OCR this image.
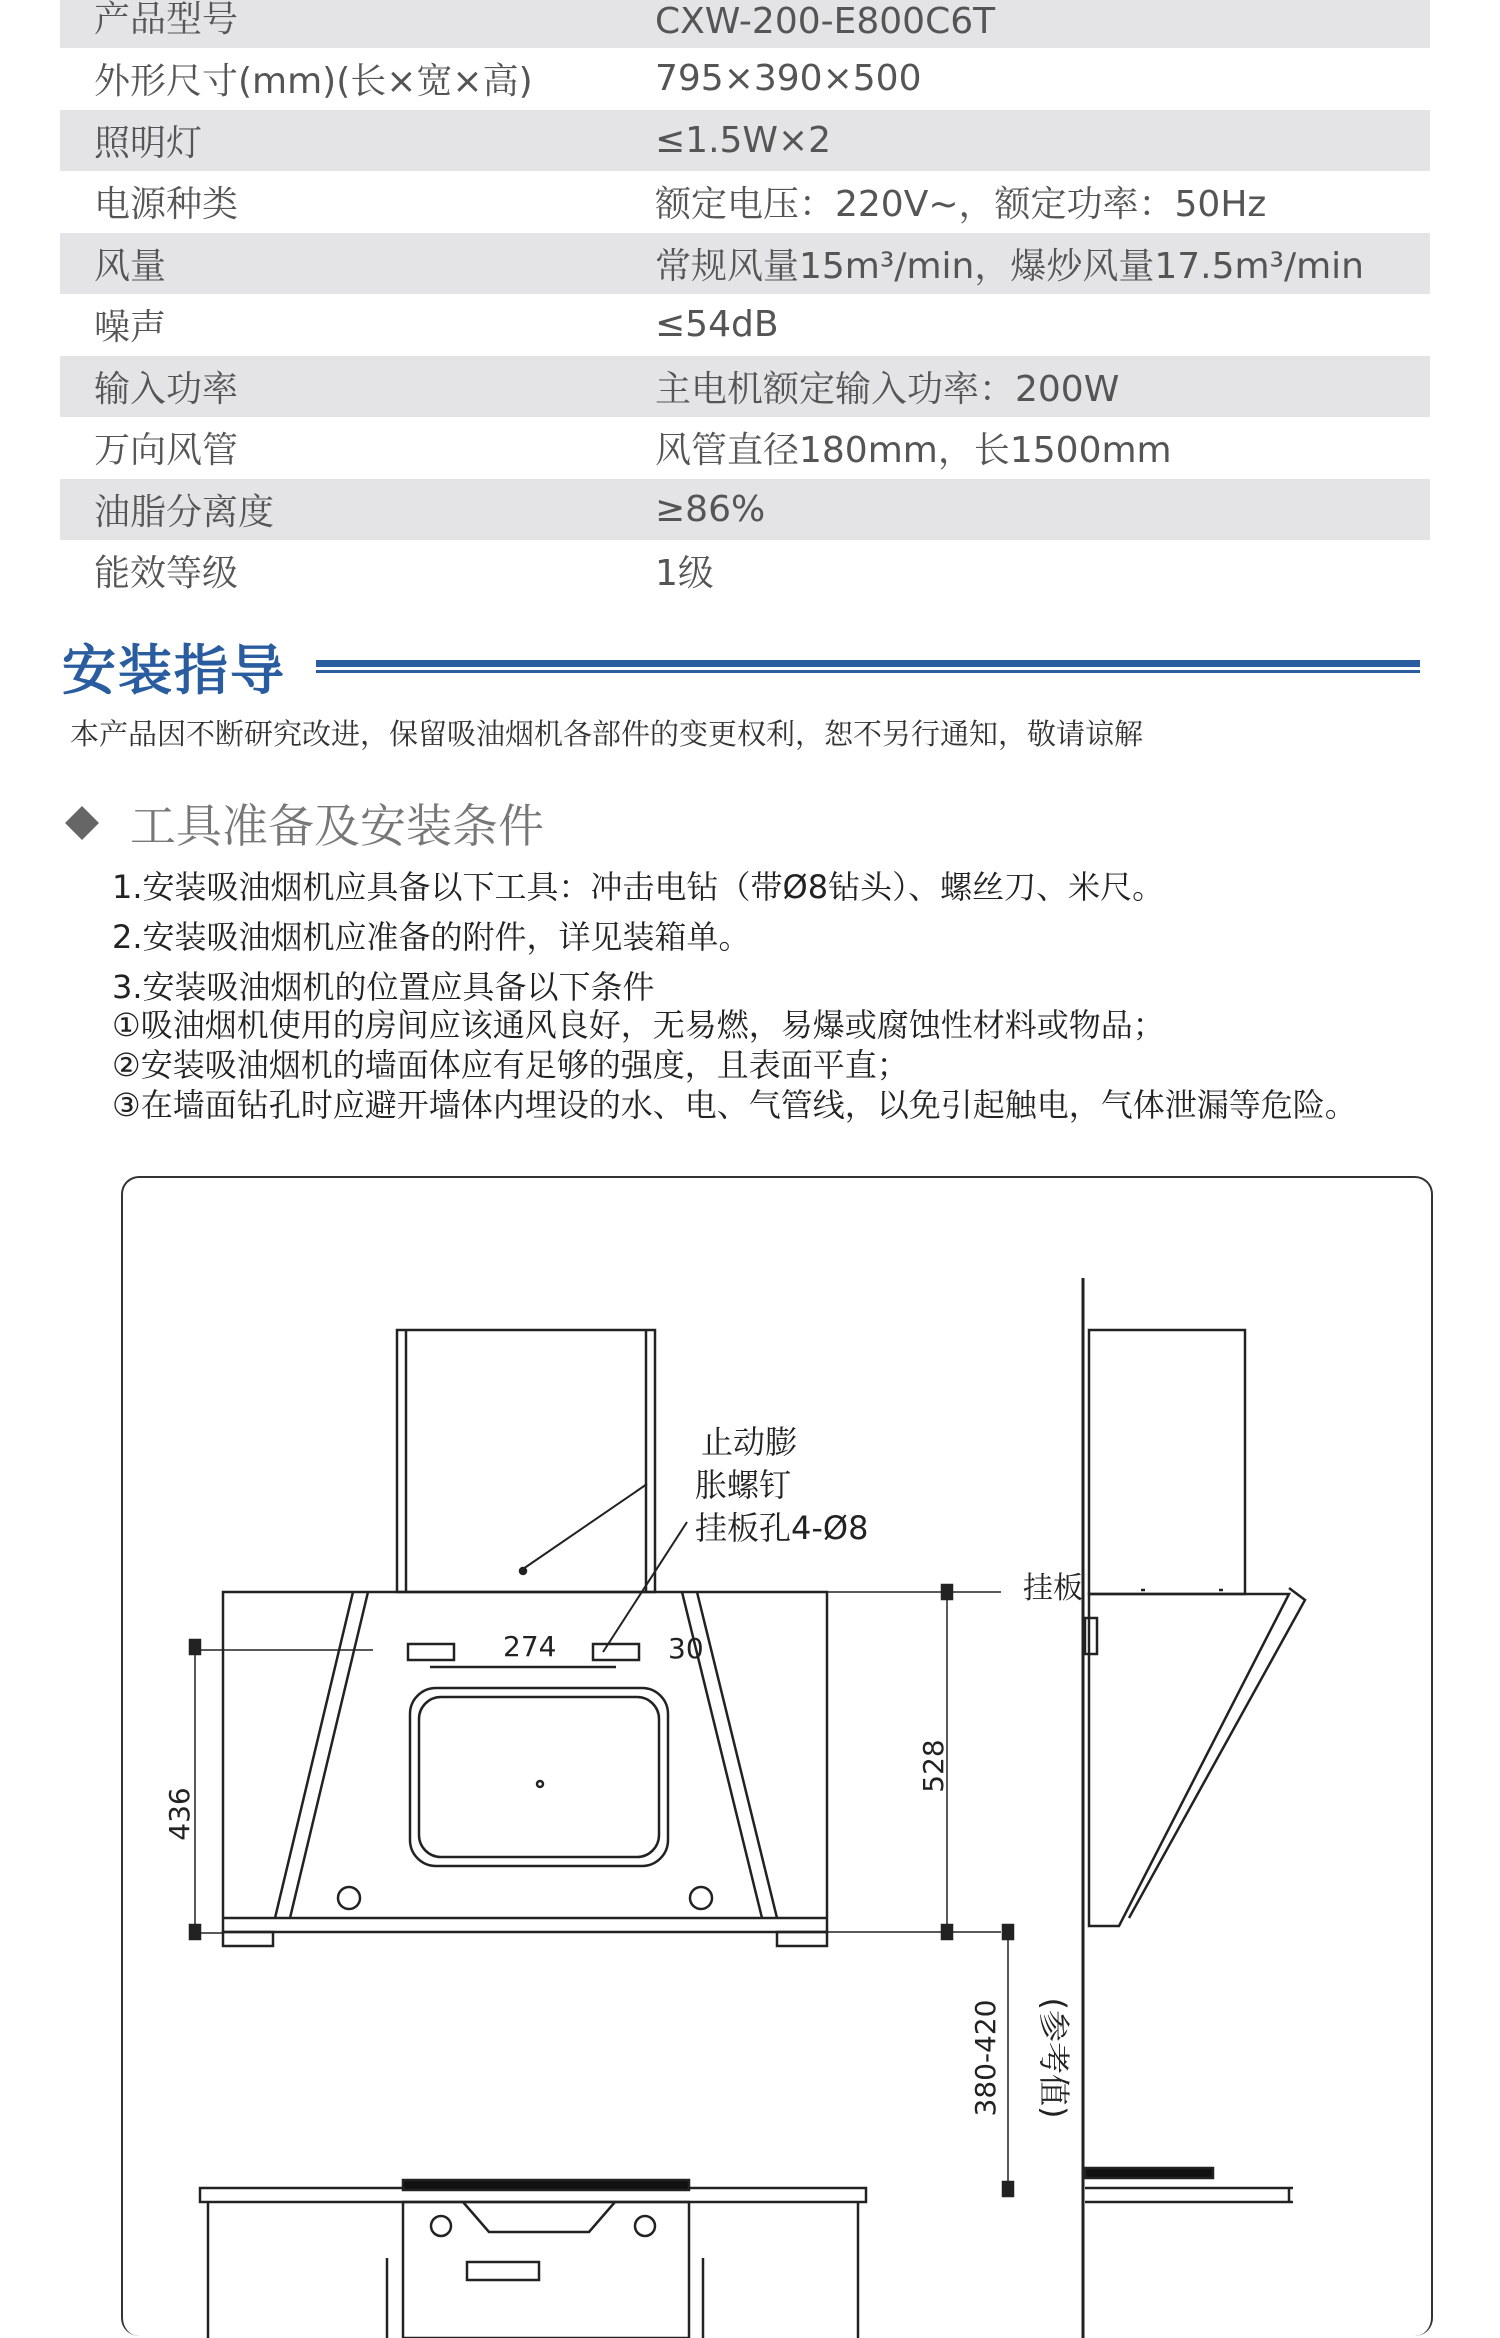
产品型号	CXW-200-E800C6T
外形尺寸(mm)(长×宽×高)	795×390×500
照明灯	≤1.5W×2
电源种类	额定电压：220V~，额定功率：50Hz
风量	常规风量15m³/min，爆炒风量17.5m³/min
噪声	≤54dB
输入功率	主电机额定输入功率：200W
万向风管	风管直径180mm，长1500mm
油脂分离度	≥86%
能效等级	1级
安装指导
本产品因不断研究改进，保留吸油烟机各部件的变更权利，恕不另行通知，敬请谅解
工具准备及安装条件
1.安装吸油烟机应具备以下工具：冲击电钻（带Ø8钻头）、螺丝刀、米尺。
2.安装吸油烟机应准备的附件，详见装箱单。
3.安装吸油烟机的位置应具备以下条件
①吸油烟机使用的房间应该通风良好，无易燃，易爆或腐蚀性材料或物品；
②安装吸油烟机的墙面体应有足够的强度，且表面平直；
③在墙面钻孔时应避开墙体内埋设的水、电、气管线，以免引起触电，气体泄漏等危险。
止动膨
胀螺钉
挂板孔4-Ø8
274	30
436
528
380-420 (参考值)
挂板
